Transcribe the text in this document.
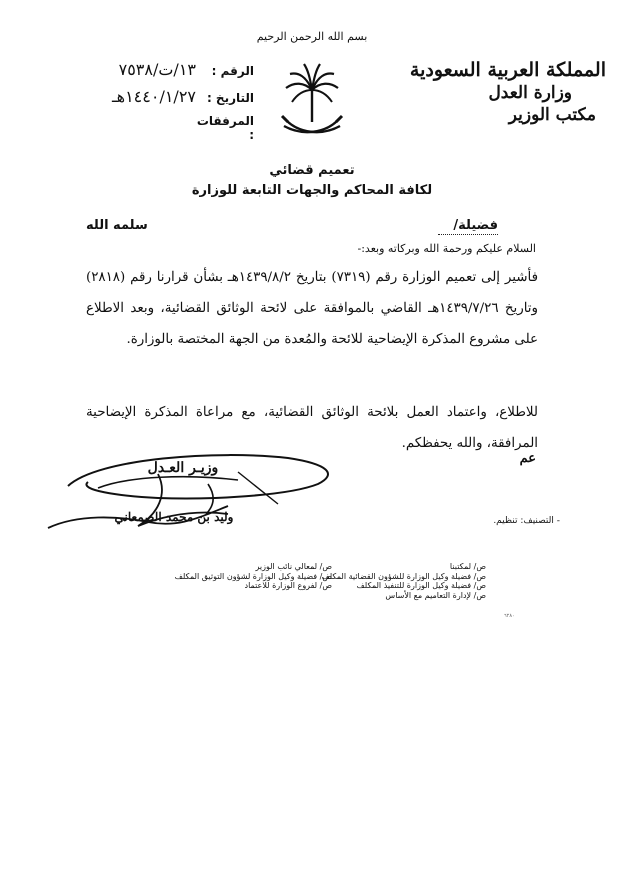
بسم الله الرحمن الرحيم
المملكة العربية السعودية
وزارة العدل
مكتب الوزير
الرقم :
١٣/ت/٧٥٣٨
التاريخ :
١٤٤٠/١/٢٧هـ
المرفقات :
تعميم قضائي
لكافة المحاكم والجهات التابعة للوزارة
فضيلة/
سلمه الله
السلام عليكم ورحمة الله وبركاته وبعد:-
فأشير إلى تعميم الوزارة رقم (٧٣١٩) بتاريخ ١٤٣٩/٨/٢هـ بشأن قرارنا رقم (٢٨١٨) وتاريخ ١٤٣٩/٧/٢٦هـ القاضي بالموافقة على لائحة الوثائق القضائية، وبعد الاطلاع على مشروع المذكرة الإيضاحية للائحة والمُعدة من الجهة المختصة بالوزارة.
للاطلاع، واعتماد العمل بلائحة الوثائق القضائية، مع مراعاة المذكرة الإيضاحية المرافقة، والله يحفظكم.
وزيـر العـدل
وليد بن محمد الصمعاني
عم
- التصنيف: تنظيم.
ص/ لمكتبنا
ص/ فضيلة وكيل الوزارة للشؤون القضائية المكلف
ص/ فضيلة وكيل الوزارة للتنفيذ المكلف
ص/ لإدارة التعاميم مع الأساس
ص/ لمعالي نائب الوزير
ص/ فضيلة وكيل الوزارة لشؤون التوثيق المكلف
ص/ لفروع الوزارة للاعتماد
٦٢٨٠
